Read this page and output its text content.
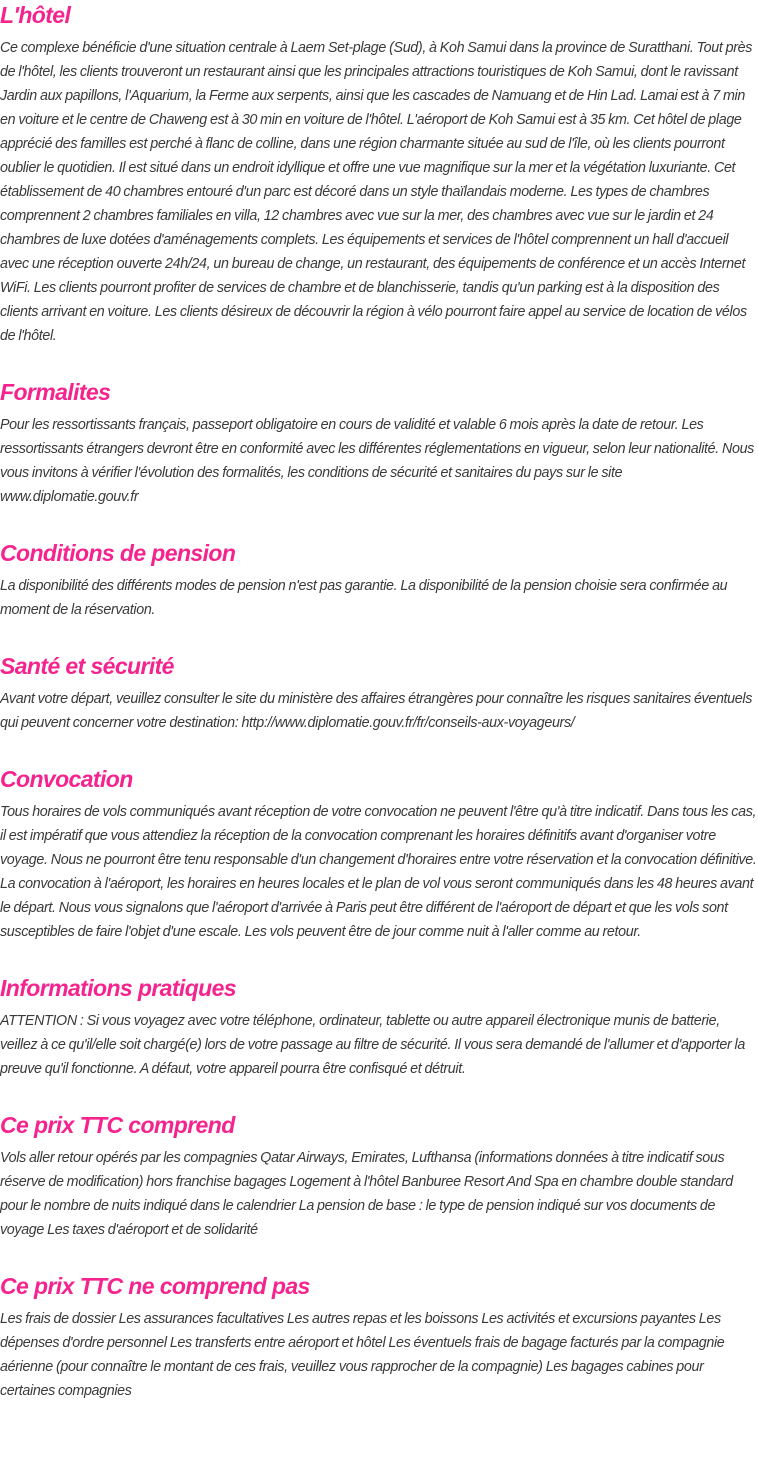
L'hôtel

Ce complexe bénéficie d'une situation centrale à Laem Set-plage (Sud), à Koh Samui dans la province de Suratthani. Tout près de l'hôtel, les clients trouveront un restaurant ainsi que les principales attractions touristiques de Koh Samui, dont le ravissant Jardin aux papillons, l'Aquarium, la Ferme aux serpents, ainsi que les cascades de Namuang et de Hin Lad. Lamai est à 7 min en voiture et le centre de Chaweng est à 30 min en voiture de l'hôtel. L'aéroport de Koh Samui est à 35 km. Cet hôtel de plage apprécié des familles est perché à flanc de colline, dans une région charmante située au sud de l'île, où les clients pourront oublier le quotidien. Il est situé dans un endroit idyllique et offre une vue magnifique sur la mer et la végétation luxuriante. Cet établissement de 40 chambres entouré d'un parc est décoré dans un style thaïlandais moderne. Les types de chambres comprennent 2 chambres familiales en villa, 12 chambres avec vue sur la mer, des chambres avec vue sur le jardin et 24 chambres de luxe dotées d'aménagements complets. Les équipements et services de l'hôtel comprennent un hall d'accueil avec une réception ouverte 24h/24, un bureau de change, un restaurant, des équipements de conférence et un accès Internet WiFi. Les clients pourront profiter de services de chambre et de blanchisserie, tandis qu'un parking est à la disposition des clients arrivant en voiture. Les clients désireux de découvrir la région à vélo pourront faire appel au service de location de vélos de l'hôtel.

Formalites

Pour les ressortissants français, passeport obligatoire en cours de validité et valable 6 mois après la date de retour. Les ressortissants étrangers devront être en conformité avec les différentes réglementations en vigueur, selon leur nationalité. Nous vous invitons à vérifier l'évolution des formalités, les conditions de sécurité et sanitaires du pays sur le site www.diplomatie.gouv.fr

Conditions de pension

La disponibilité des différents modes de pension n'est pas garantie. La disponibilité de la pension choisie sera confirmée au moment de la réservation.

Santé et sécurité

Avant votre départ, veuillez consulter le site du ministère des affaires étrangères pour connaître les risques sanitaires éventuels qui peuvent concerner votre destination: http://www.diplomatie.gouv.fr/fr/conseils-aux-voyageurs/

Convocation

Tous horaires de vols communiqués avant réception de votre convocation ne peuvent l'être qu'à titre indicatif. Dans tous les cas, il est impératif que vous attendiez la réception de la convocation comprenant les horaires définitifs avant d'organiser votre voyage. Nous ne pourront être tenu responsable d'un changement d'horaires entre votre réservation et la convocation définitive. La convocation à l'aéroport, les horaires en heures locales et le plan de vol vous seront communiqués dans les 48 heures avant le départ. Nous vous signalons que l'aéroport d'arrivée à Paris peut être différent de l'aéroport de départ et que les vols sont susceptibles de faire l'objet d'une escale. Les vols peuvent être de jour comme nuit à l'aller comme au retour.

Informations pratiques

ATTENTION : Si vous voyagez avec votre téléphone, ordinateur, tablette ou autre appareil électronique munis de batterie, veillez à ce qu'il/elle soit chargé(e) lors de votre passage au filtre de sécurité. Il vous sera demandé de l'allumer et d'apporter la preuve qu'il fonctionne. A défaut, votre appareil pourra être confisqué et détruit.

Ce prix TTC comprend

Vols aller retour opérés par les compagnies Qatar Airways, Emirates, Lufthansa (informations données à titre indicatif sous réserve de modification) hors franchise bagages Logement à l'hôtel Banburee Resort And Spa en chambre double standard pour le nombre de nuits indiqué dans le calendrier La pension de base : le type de pension indiqué sur vos documents de voyage Les taxes d'aéroport et de solidarité

Ce prix TTC ne comprend pas

Les frais de dossier Les assurances facultatives Les autres repas et les boissons Les activités et excursions payantes Les dépenses d'ordre personnel Les transferts entre aéroport et hôtel Les éventuels frais de bagage facturés par la compagnie aérienne (pour connaître le montant de ces frais, veuillez vous rapprocher de la compagnie) Les bagages cabines pour certaines compagnies
